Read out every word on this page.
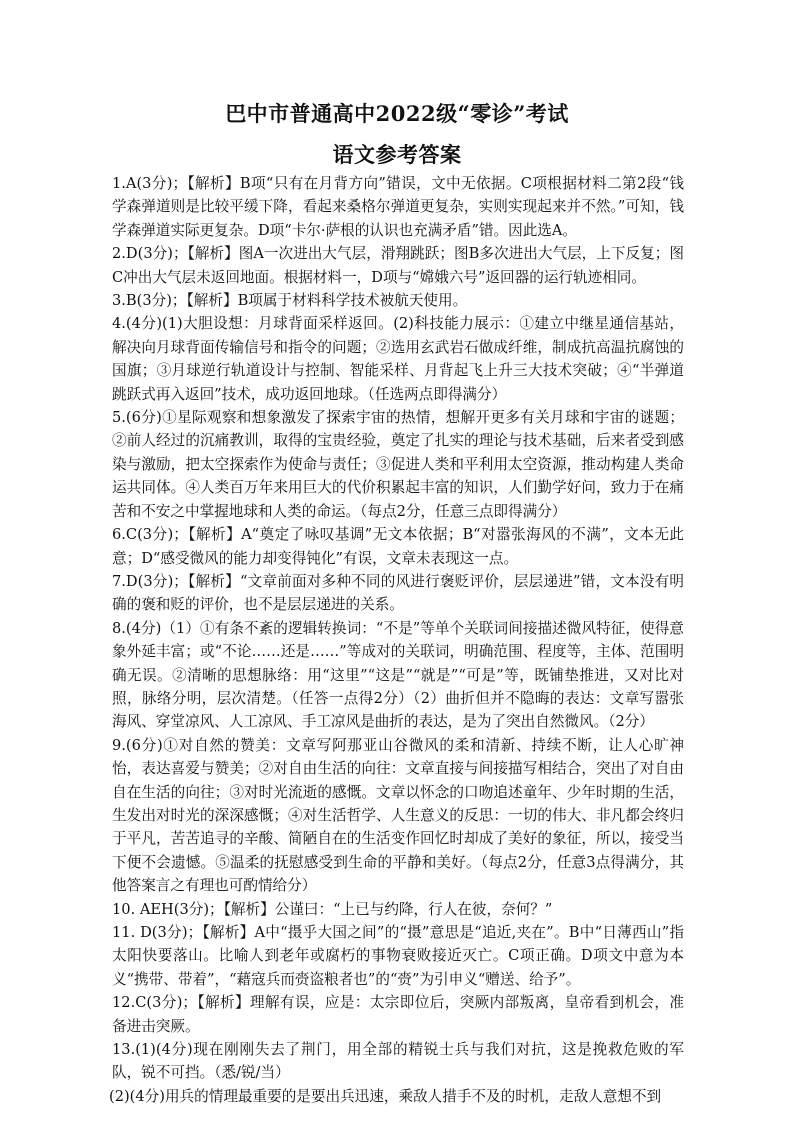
巴中市普通高中2022级“零诊”考试
语文参考答案

1.A(3分)；【解析】B项“只有在月背方向”错误，文中无依据。C项根据材料二第2段“钱学森弹道则是比较平缓下降，看起来桑格尔弹道更复杂，实则实现起来并不然。”可知，钱学森弹道实际更复杂。D项“卡尔·萨根的认识也充满矛盾”错。因此选A。

2.D(3分)；【解析】图A一次进出大气层，滑翔跳跃；图B多次进出大气层，上下反复；图C冲出大气层未返回地面。根据材料一，D项与“嫦娥六号”返回器的运行轨迹相同。

3.B(3分)；【解析】B项属于材料科学技术被航天使用。

4.(4分)(1)大胆设想：月球背面采样返回。(2)科技能力展示：①建立中继星通信基站，解决向月球背面传输信号和指令的问题；②选用玄武岩石做成纤维，制成抗高温抗腐蚀的国旗；③月球逆行轨道设计与控制、智能采样、月背起飞上升三大技术突破；④“半弹道跳跃式再入返回”技术，成功返回地球。（任选两点即得满分）

5.(6分)①星际观察和想象激发了探索宇宙的热情，想解开更多有关月球和宇宙的谜题；②前人经过的沉痛教训，取得的宝贵经验，奠定了扎实的理论与技术基础，后来者受到感染与激励，把太空探索作为使命与责任；③促进人类和平利用太空资源，推动构建人类命运共同体。④人类百万年来用巨大的代价积累起丰富的知识，人们勤学好问，致力于在痛苦和不安之中掌握地球和人类的命运。（每点2分，任意三点即得满分）

6.C(3分)；【解析】A“奠定了咏叹基调”无文本依据；B“对嚣张海风的不满”，文本无此意；D“感受微风的能力却变得钝化”有误，文章未表现这一点。

7.D(3分)；【解析】“文章前面对多种不同的风进行褒贬评价，层层递进”错，文本没有明确的褒和贬的评价，也不是层层递进的关系。

8.(4分)（1）①有条不紊的逻辑转换词：“不是”等单个关联词间接描述微风特征，使得意象外延丰富；或“不论……还是……”等成对的关联词，明确范围、程度等，主体、范围明确无误。②清晰的思想脉络：用“这里”“这是”“就是”“可是”等，既铺垫推进，又对比对照，脉络分明，层次清楚。（任答一点得2分）（2）曲折但并不隐晦的表达：文章写嚣张海风、穿堂凉风、人工凉风、手工凉风是曲折的表达，是为了突出自然微风。（2分）

9.(6分)①对自然的赞美：文章写阿那亚山谷微风的柔和清新、持续不断，让人心旷神怡，表达喜爱与赞美；②对自由生活的向往：文章直接与间接描写相结合，突出了对自由自在生活的向往；③对时光流逝的感慨。文章以怀念的口吻追述童年、少年时期的生活，生发出对时光的深深感慨；④对生活哲学、人生意义的反思：一切的伟大、非凡都会终归于平凡，苦苦追寻的辛酸、简陋自在的生活变作回忆时却成了美好的象征，所以，接受当下便不会遗憾。⑤温柔的抚慰感受到生命的平静和美好。（每点2分，任意3点得满分，其他答案言之有理也可酌情给分）

10. AEH(3分)；【解析】公谨曰：“上已与约降，行人在彼，奈何？”

11. D(3分)；【解析】A中“摄乎大国之间”的“摄”意思是“追近,夹在”。B中“日薄西山”指太阳快要落山。比喻人到老年或腐朽的事物衰败接近灭亡。C项正确。D项文中意为本义“携带、带着”，“藉寇兵而赍盗粮者也”的“赍”为引申义“赠送、给予”。

12.C(3分)；【解析】理解有误，应是：太宗即位后，突厥内部叛离，皇帝看到机会，准备进击突厥。

13.(1)(4分)现在刚刚失去了荆门，用全部的精锐士兵与我们对抗，这是挽救危败的军队，锐不可挡。（悉/锐/当）

(2)(4分)用兵的情理最重要的是要出兵迅速，乘敌人措手不及的时机，走敌人意想不到
